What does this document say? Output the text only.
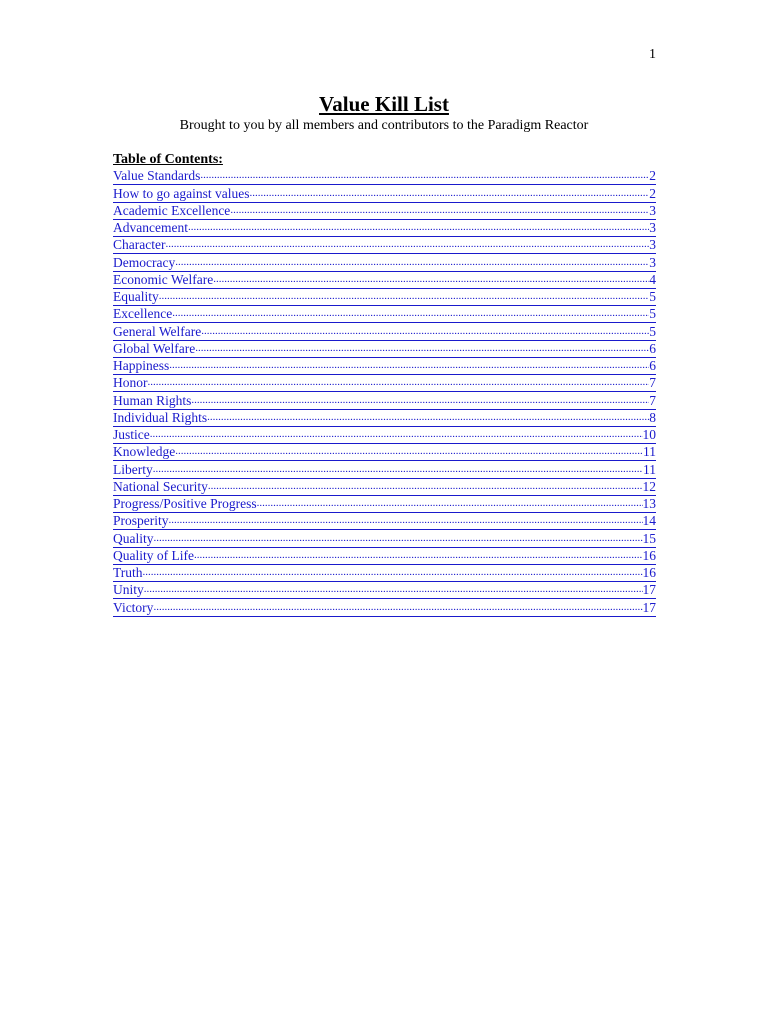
1
Value Kill List
Brought to you by all members and contributors to the Paradigm Reactor

Table of Contents:

Value Standards .....	2
How to go against values .....	2
Academic Excellence .....	3
Advancement .....	3
Character .....	3
Democracy .....	3
Economic Welfare .....	4
Equality .....	5
Excellence .....	5
General Welfare .....	5
Global Welfare .....	6
Happiness .....	6
Honor .....	7
Human Rights .....	7
Individual Rights .....	8
Justice .....	10
Knowledge .....	11
Liberty .....	11
National Security .....	12
Progress/Positive Progress .....	13
Prosperity .....	14
Quality .....	15
Quality of Life .....	16
Truth .....	16
Unity .....	17
Victory .....	17
